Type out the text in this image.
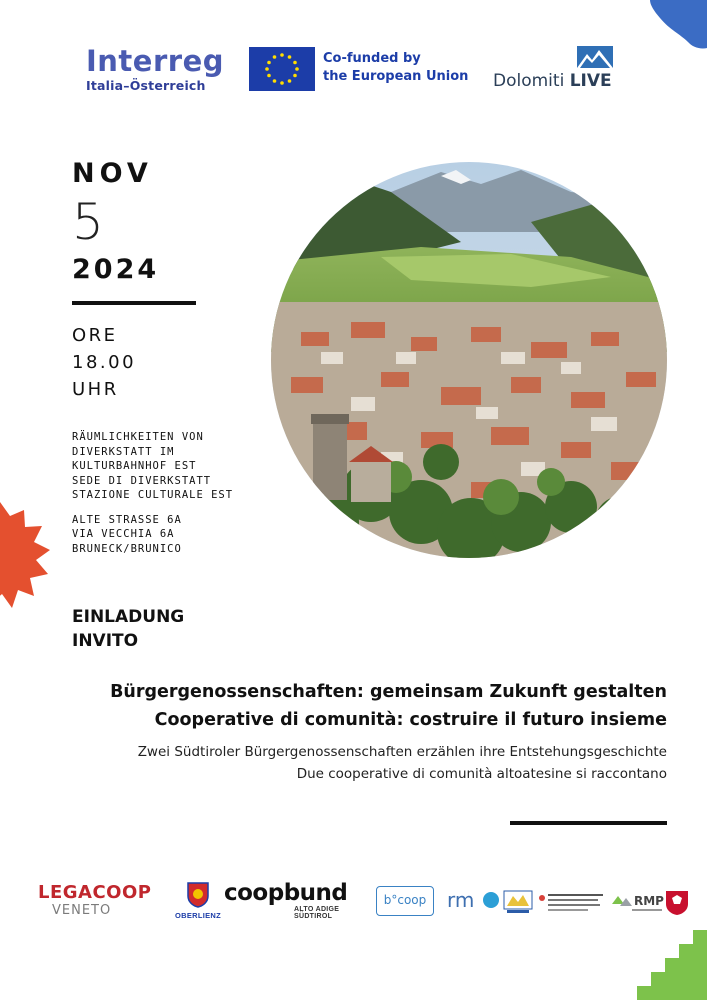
Interreg
Italia–Österreich
Co-funded by
the European Union	Dolomiti LIVE
NOV
5
2024
ORE
18.00
UHR
RÄUMLICHKEITEN VON
DIVERKSTATT IM
KULTURBAHNHOF EST
SEDE DI DIVERKSTATT
STAZIONE CULTURALE EST
ALTE STRASSE 6A
VIA VECCHIA 6A
BRUNECK/BRUNICO
EINLADUNG
INVITO
Bürgergenossenschaften: gemeinsam Zukunft gestalten
Cooperative di comunità: costruire il futuro insieme
Zwei Südtiroler Bürgergenossenschaften erzählen ihre Entstehungsgeschichte
Due cooperative di comunità altoatesine si raccontano
LEGACOOP
VENETO	OBERLIENZ
coopbund
ALTO ADIGE SÜDTIROL
b°coop	rm	RMP
